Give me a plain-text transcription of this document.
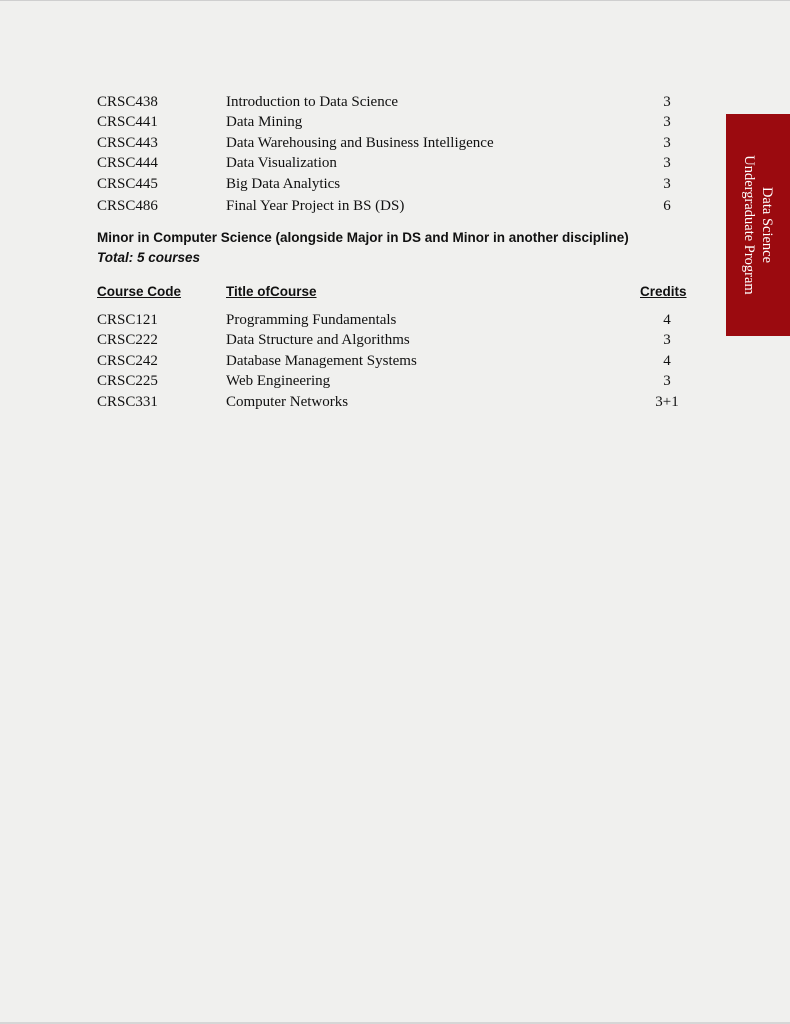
CRSC438	Introduction to Data Science	3
CRSC441	Data Mining	3
CRSC443	Data Warehousing and Business Intelligence	3
CRSC444	Data Visualization	3
CRSC445	Big Data Analytics	3
CRSC486	Final Year Project in BS (DS)	6
Minor in Computer Science (alongside Major in DS and Minor in another discipline)
Total: 5 courses
Course Code	Title ofCourse	Credits
CRSC121	Programming Fundamentals	4
CRSC222	Data Structure and Algorithms	3
CRSC242	Database Management Systems	4
CRSC225	Web Engineering	3
CRSC331	Computer Networks	3+1
Data Science
Undergraduate Program
